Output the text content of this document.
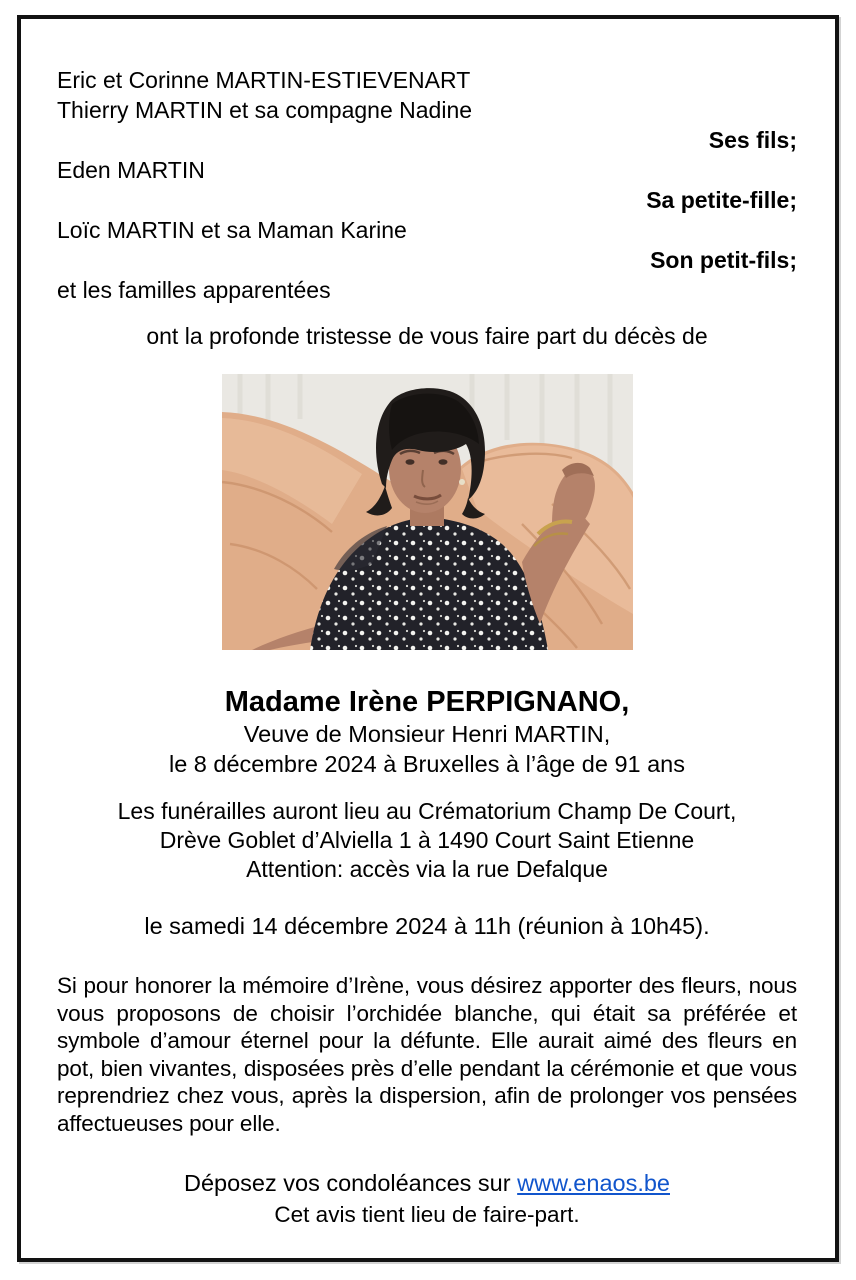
Eric et Corinne MARTIN-ESTIEVENART
Thierry MARTIN et sa compagne Nadine
Ses fils;
Eden MARTIN
Sa petite-fille;
Loïc MARTIN et sa Maman Karine
Son petit-fils;
et les familles apparentées
ont la profonde tristesse de vous faire part du décès de
Madame Irène PERPIGNANO,
Veuve de Monsieur Henri MARTIN,
le 8 décembre 2024 à Bruxelles à l’âge de 91 ans
Les funérailles auront lieu au Crématorium Champ De Court,
Drève Goblet d’Alviella 1 à 1490 Court Saint Etienne
Attention: accès via la rue Defalque
le samedi 14 décembre 2024 à 11h (réunion à 10h45).
Si pour honorer la mémoire d’Irène, vous désirez apporter des fleurs, nous vous proposons de choisir l’orchidée blanche, qui était sa préférée et symbole d’amour éternel pour la défunte. Elle aurait aimé des fleurs en pot, bien vivantes, disposées près d’elle pendant la cérémonie et que vous reprendriez chez vous, après la dispersion, afin de prolonger vos pensées affectueuses pour elle.
Déposez vos condoléances sur www.enaos.be
Cet avis tient lieu de faire-part.
